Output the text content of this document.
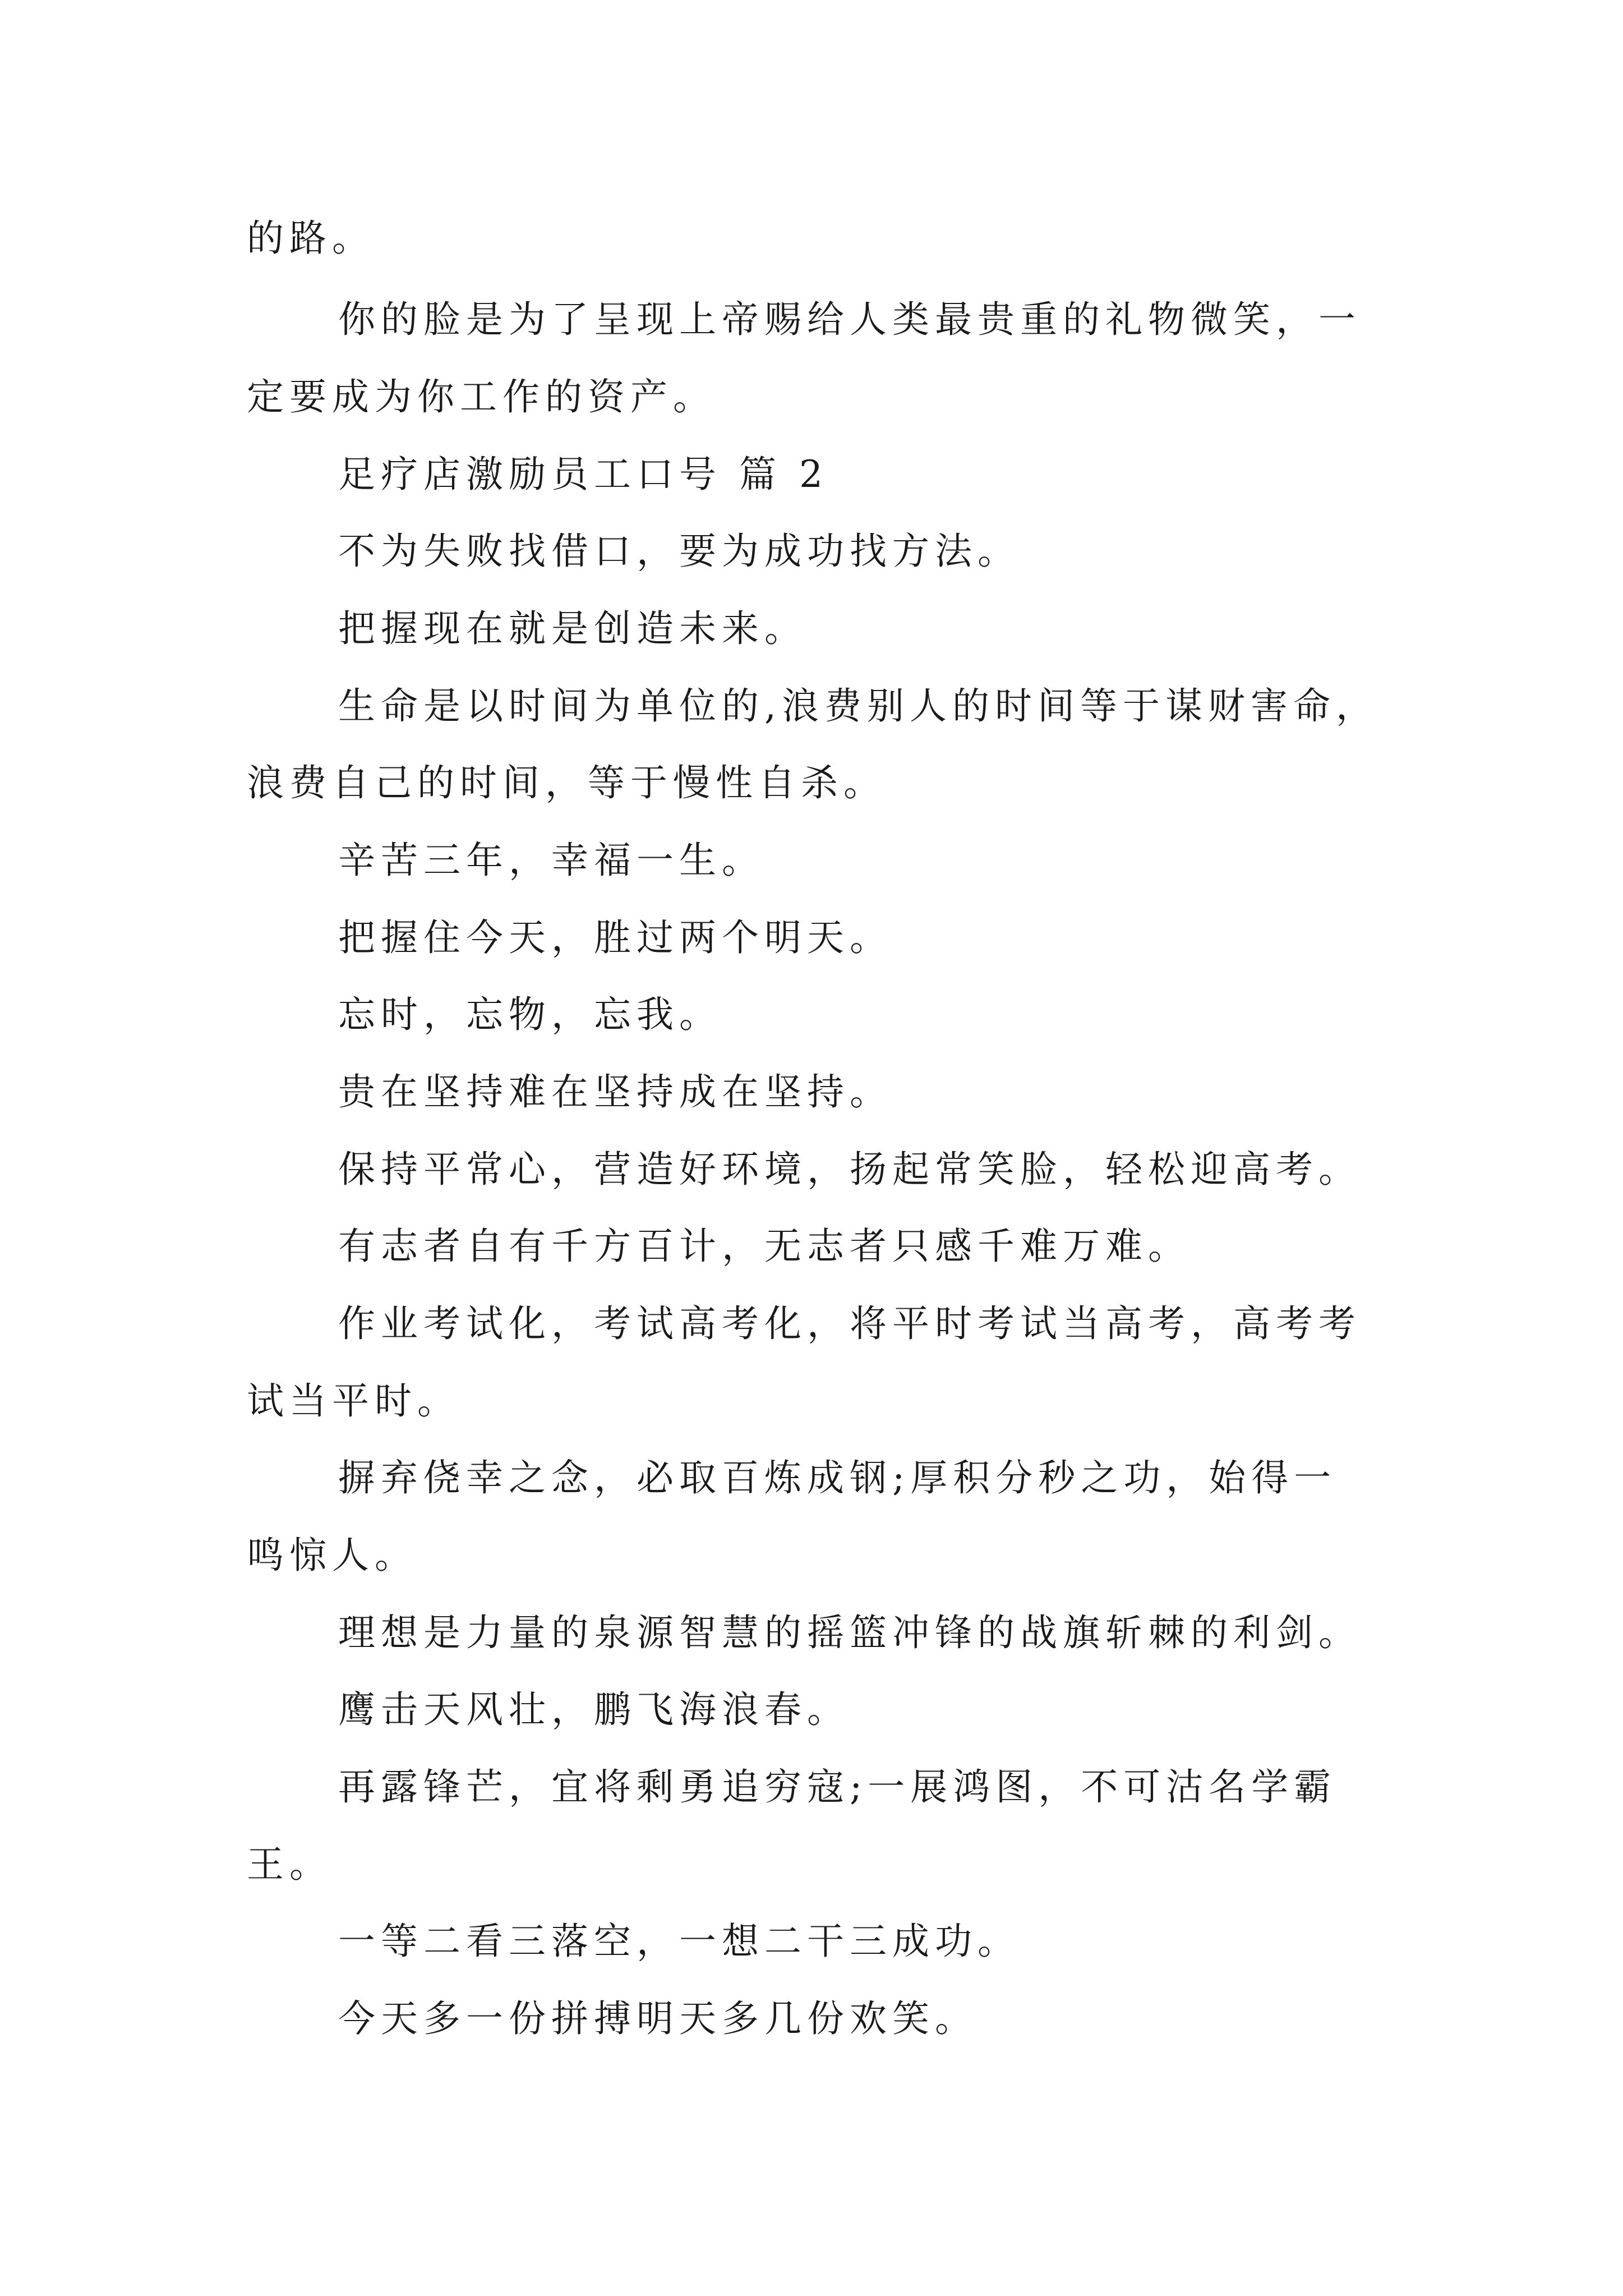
的路。
你的脸是为了呈现上帝赐给人类最贵重的礼物微笑，一
定要成为你工作的资产。
足疗店激励员工口号 篇 2
不为失败找借口，要为成功找方法。
把握现在就是创造未来。
生命是以时间为单位的,浪费别人的时间等于谋财害命，
浪费自己的时间，等于慢性自杀。
辛苦三年，幸福一生。
把握住今天，胜过两个明天。
忘时，忘物，忘我。
贵在坚持难在坚持成在坚持。
保持平常心，营造好环境，扬起常笑脸，轻松迎高考。
有志者自有千方百计，无志者只感千难万难。
作业考试化，考试高考化，将平时考试当高考，高考考
试当平时。
摒弃侥幸之念，必取百炼成钢;厚积分秒之功，始得一
鸣惊人。
理想是力量的泉源智慧的摇篮冲锋的战旗斩棘的利剑。
鹰击天风壮，鹏飞海浪春。
再露锋芒，宜将剩勇追穷寇;一展鸿图，不可沽名学霸
王。
一等二看三落空，一想二干三成功。
今天多一份拼搏明天多几份欢笑。
